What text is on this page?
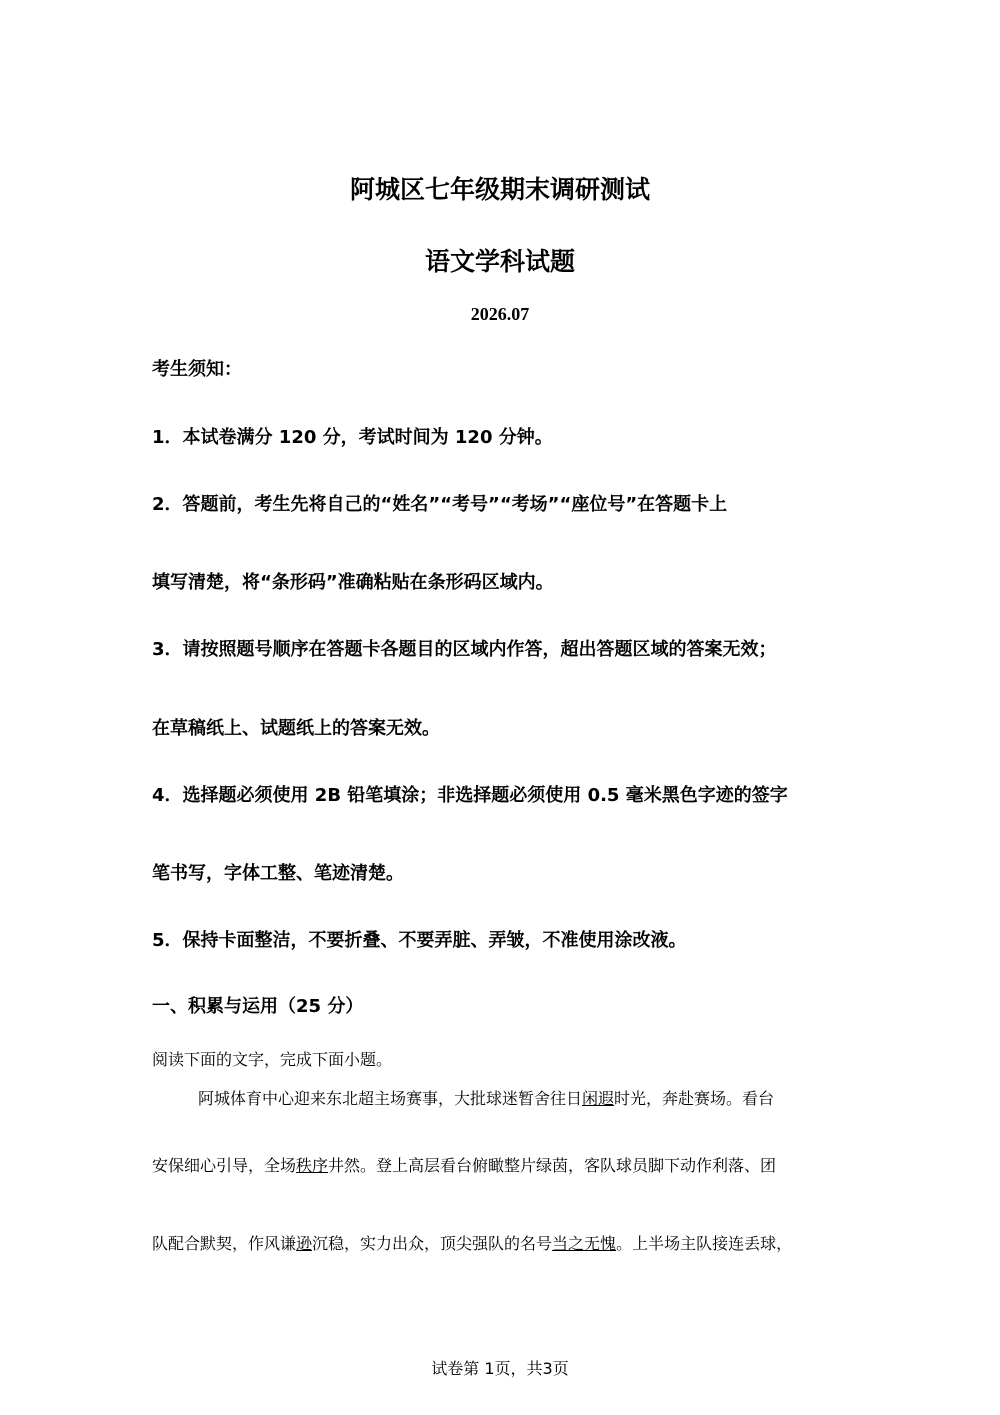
阿城区七年级期末调研测试
语文学科试题
2026.07
考生须知：
1．本试卷满分 120 分，考试时间为 120 分钟。
2．答题前，考生先将自己的“姓名”“考号”“考场”“座位号”在答题卡上
填写清楚，将“条形码”准确粘贴在条形码区域内。
3．请按照题号顺序在答题卡各题目的区域内作答，超出答题区域的答案无效；
在草稿纸上、试题纸上的答案无效。
4．选择题必须使用 2B 铅笔填涂；非选择题必须使用 0.5 毫米黑色字迹的签字
笔书写，字体工整、笔迹清楚。
5．保持卡面整洁，不要折叠、不要弄脏、弄皱，不准使用涂改液。
一、积累与运用（25 分）
阅读下面的文字，完成下面小题。
阿城体育中心迎来东北超主场赛事，大批球迷暂舍往日闲遐时光，奔赴赛场。看台
安保细心引导，全场秩序井然。登上高层看台俯瞰整片绿茵，客队球员脚下动作利落、团
队配合默契，作风谦逊沉稳，实力出众，顶尖强队的名号当之无愧。上半场主队接连丢球，
试卷第 1页，共3页
